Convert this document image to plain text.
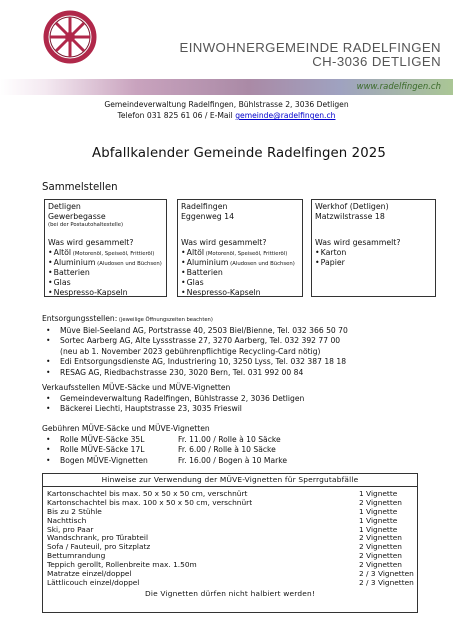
EINWOHNERGEMEINDE RADELFINGEN
CH-3036 DETLIGEN
www.radelfingen.ch
Gemeindeverwaltung Radelfingen, Bühlstrasse 2, 3036 Detligen
Telefon 031 825 61 06 / E-Mail gemeinde@radelfingen.ch
Abfallkalender Gemeinde Radelfingen 2025
Sammelstellen
Detligen
Gewerbegasse
(bei der Postautohaltestelle)
Was wird gesammelt?
• Altöl (Motorenöl, Speiseöl, Frittieröl)
• Aluminium (Aludosen und Büchsen)
• Batterien
• Glas
• Nespresso-Kapseln
Radelfingen
Eggenweg 14
Was wird gesammelt?
• Altöl (Motorenöl, Speiseöl, Frittieröl)
• Aluminium (Aludosen und Büchsen)
• Batterien
• Glas
• Nespresso-Kapseln
Werkhof (Detligen)
Matzwilstrasse 18
Was wird gesammelt?
• Karton
• Papier
Entsorgungsstellen: (jeweilige Öffnungszeiten beachten)
• Müve Biel-Seeland AG, Portstrasse 40, 2503 Biel/Bienne, Tel. 032 366 50 70
• Sortec Aarberg AG, Alte Lyssstrasse 27, 3270 Aarberg, Tel. 032 392 77 00
(neu ab 1. November 2023 gebührenpflichtige Recycling-Card nötig)
• Edi Entsorgungsdienste AG, Industriering 10, 3250 Lyss, Tel. 032 387 18 18
• RESAG AG, Riedbachstrasse 230, 3020 Bern, Tel. 031 992 00 84
Verkaufsstellen MÜVE-Säcke und MÜVE-Vignetten
• Gemeindeverwaltung Radelfingen, Bühlstrasse 2, 3036 Detligen
• Bäckerei Liechti, Hauptstrasse 23, 3035 Frieswil
Gebühren MÜVE-Säcke und MÜVE-Vignetten
• Rolle MÜVE-Säcke 35L	Fr. 11.00 / Rolle à 10 Säcke
• Rolle MÜVE-Säcke 17L	Fr. 6.00 / Rolle à 10 Säcke
• Bogen MÜVE-Vignetten	Fr. 16.00 / Bogen à 10 Marke
Hinweise zur Verwendung der MÜVE-Vignetten für Sperrgutabfälle
Kartonschachtel bis max. 50 x 50 x 50 cm, verschnürt	1 Vignette
Kartonschachtel bis max. 100 x 50 x 50 cm, verschnürt	2 Vignetten
Bis zu 2 Stühle	1 Vignette
Nachttisch	1 Vignette
Ski, pro Paar	1 Vignette
Wandschrank, pro Türabteil	2 Vignetten
Sofa / Fauteuil, pro Sitzplatz	2 Vignetten
Bettumrandung	2 Vignetten
Teppich gerollt, Rollenbreite max. 1.50m	2 Vignetten
Matratze einzel/doppel	2 / 3 Vignetten
Lättlicouch einzel/doppel	2 / 3 Vignetten
Die Vignetten dürfen nicht halbiert werden!
